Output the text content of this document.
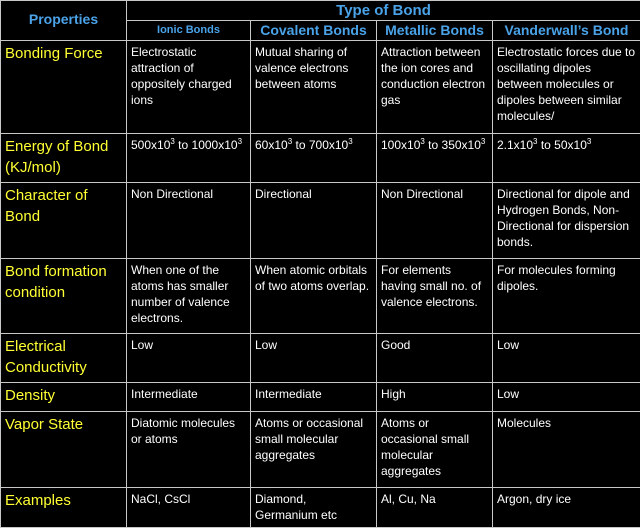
Properties	Type of Bond			
	Ionic Bonds	Covalent Bonds	Metallic Bonds	Vanderwall’s Bond
Bonding Force	Electrostatic attraction of oppositely charged ions	Mutual sharing of valence electrons between atoms	Attraction between the ion cores and conduction electron gas	Electrostatic forces due to oscillating dipoles between molecules or dipoles between similar molecules/
Energy of Bond (KJ/mol)	$500x10^3$ to $1000x10^3$	$60x10^3$ to $700x10^3$	$100x10^3$ to $350x10^3$	$2.1x10^3$ to $50x10^3$
Character of Bond	Non Directional	Directional	Non Directional	Directional for dipole and Hydrogen Bonds, Non- Directional for dispersion bonds.
Bond formation condition	When one of the atoms has smaller number of valence electrons.	When atomic orbitals of two atoms overlap.	For elements having small no. of valence electrons.	For molecules forming dipoles.
Electrical Conductivity	Low	Low	Good	Low
Density	Intermediate	Intermediate	High	Low
Vapor State	Diatomic molecules or atoms	Atoms or occasional small molecular aggregates	Atoms or occasional small molecular aggregates	Molecules
Examples	NaCl, CsCl	Diamond, Germanium etc	Al, Cu, Na	Argon, dry ice
